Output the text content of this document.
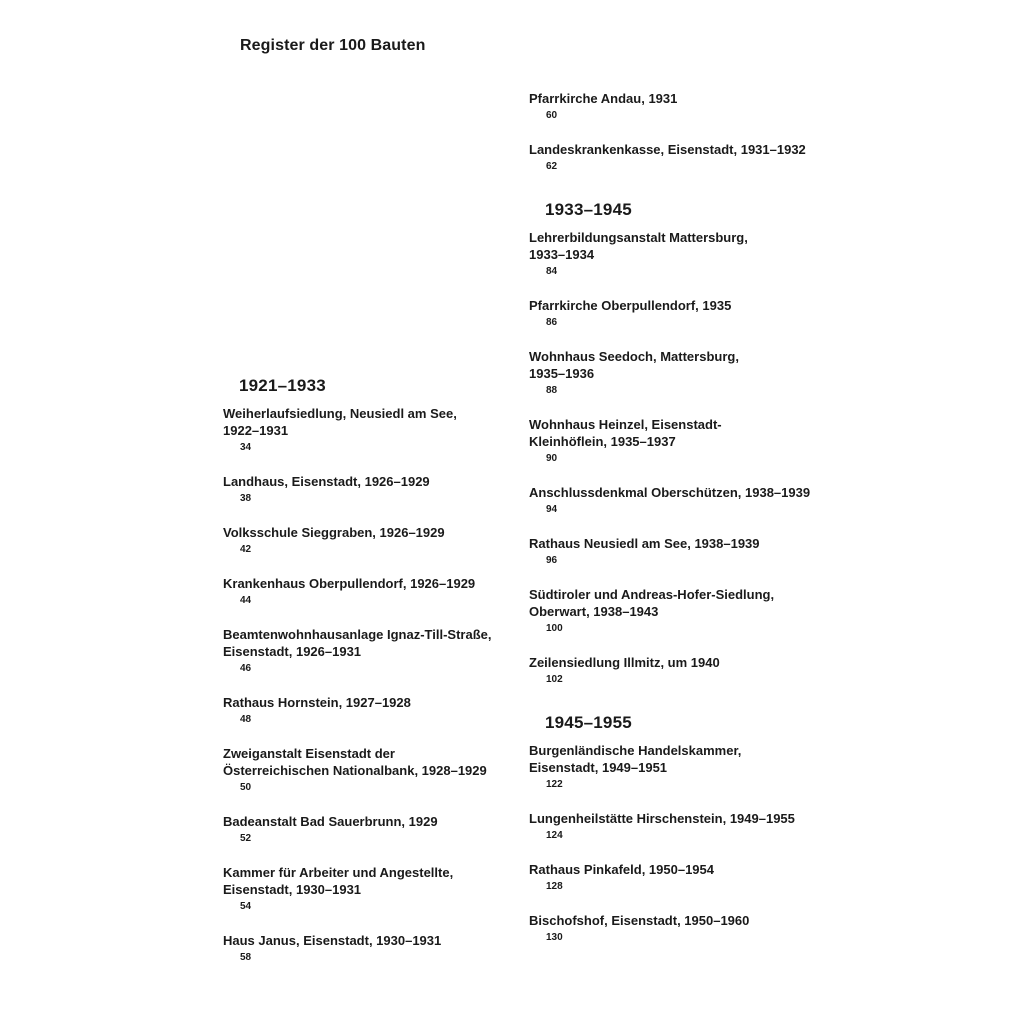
Register der 100 Bauten
1921–1933
Weiherlaufsiedlung, Neusiedl am See,
1922–1931
34
Landhaus, Eisenstadt, 1926–1929
38
Volksschule Sieggraben, 1926–1929
42
Krankenhaus Oberpullendorf, 1926–1929
44
Beamtenwohnhausanlage Ignaz-Till-Straße,
Eisenstadt, 1926–1931
46
Rathaus Hornstein, 1927–1928
48
Zweiganstalt Eisenstadt der
Österreichischen Nationalbank, 1928–1929
50
Badeanstalt Bad Sauerbrunn, 1929
52
Kammer für Arbeiter und Angestellte,
Eisenstadt, 1930–1931
54
Haus Janus, Eisenstadt, 1930–1931
58
Pfarrkirche Andau, 1931
60
Landeskrankenkasse, Eisenstadt, 1931–1932
62
1933–1945
Lehrerbildungsanstalt Mattersburg,
1933–1934
84
Pfarrkirche Oberpullendorf, 1935
86
Wohnhaus Seedoch, Mattersburg,
1935–1936
88
Wohnhaus Heinzel, Eisenstadt-
Kleinhöflein, 1935–1937
90
Anschlussdenkmal Oberschützen, 1938–1939
94
Rathaus Neusiedl am See, 1938–1939
96
Südtiroler und Andreas-Hofer-Siedlung,
Oberwart, 1938–1943
100
Zeilensiedlung Illmitz, um 1940
102
1945–1955
Burgenländische Handelskammer,
Eisenstadt, 1949–1951
122
Lungenheilstätte Hirschenstein, 1949–1955
124
Rathaus Pinkafeld, 1950–1954
128
Bischofshof, Eisenstadt, 1950–1960
130
